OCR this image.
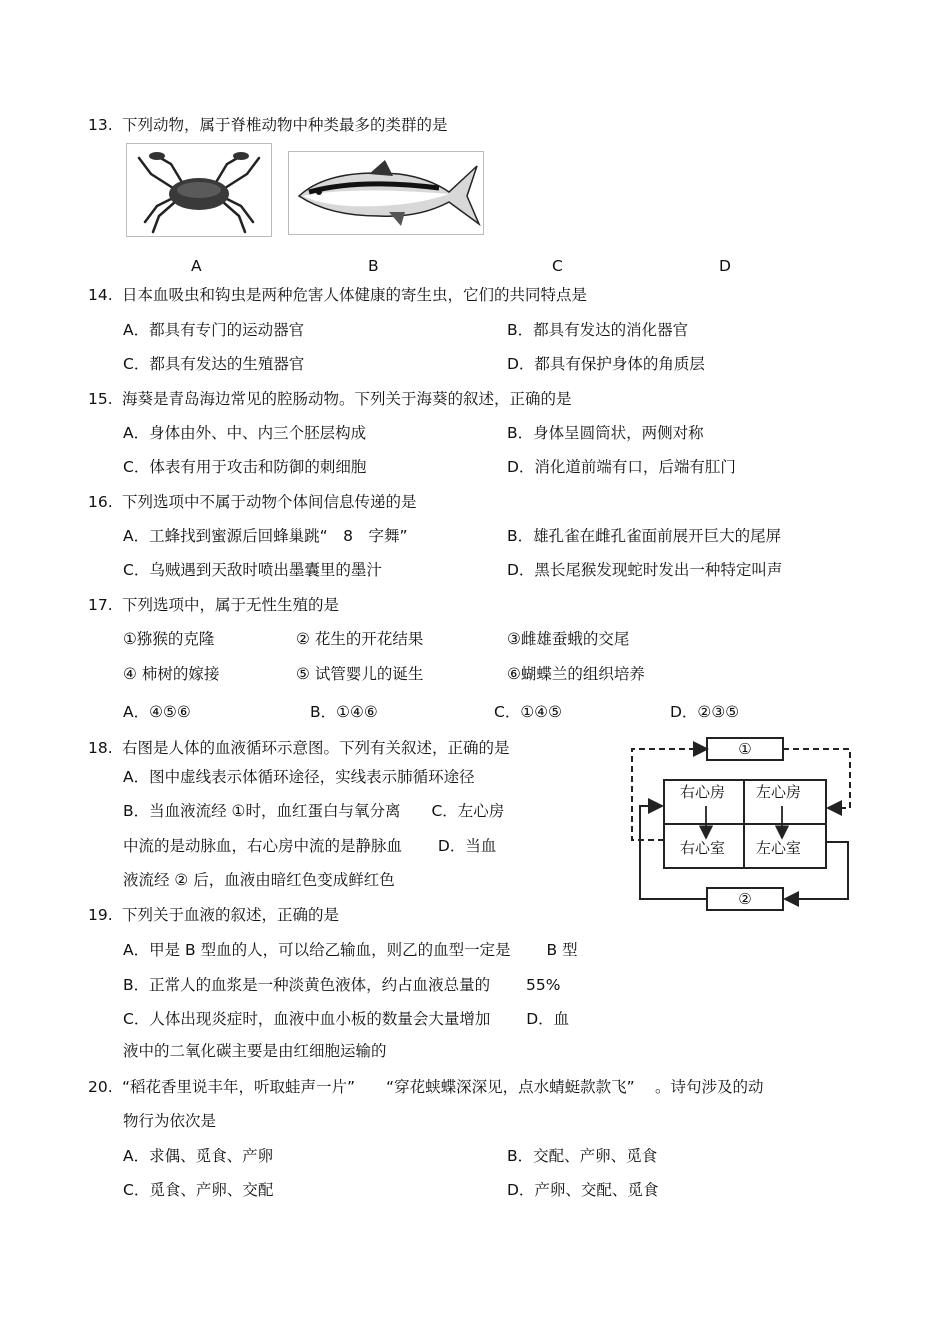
13. 下列动物，属于脊椎动物中种类最多的类群的是
A	B	C	D
14. 日本血吸虫和钩虫是两种危害人体健康的寄生虫，它们的共同特点是
A．都具有专门的运动器官	B．都具有发达的消化器官
C．都具有发达的生殖器官	D．都具有保护身体的角质层
15. 海葵是青岛海边常见的腔肠动物。下列关于海葵的叙述，正确的是
A．身体由外、中、内三个胚层构成	B．身体呈圆筒状，两侧对称
C．体表有用于攻击和防御的刺细胞	D．消化道前端有口，后端有肛门
16. 下列选项中不属于动物个体间信息传递的是
A．工蜂找到蜜源后回蜂巢跳“　8　字舞”	B．雄孔雀在雌孔雀面前展开巨大的尾屏
C．乌贼遇到天敌时喷出墨囊里的墨汁	D．黑长尾猴发现蛇时发出一种特定叫声
17. 下列选项中，属于无性生殖的是
①猕猴的克隆	② 花生的开花结果	③雌雄蚕蛾的交尾
④ 柿树的嫁接	⑤ 试管婴儿的诞生	⑥蝴蝶兰的组织培养
A．④⑤⑥	B．①④⑥	C．①④⑤	D．②③⑤
18. 右图是人体的血液循环示意图。下列有关叙述，正确的是
A．图中虚线表示体循环途径，实线表示肺循环途径
B．当血液流经 ①时，血红蛋白与氧分离　　C．左心房
中流的是动脉血，右心房中流的是静脉血　　 D．当血
液流经 ② 后，血液由暗红色变成鲜红色
右心房 左心房
右心室 左心室
①
②
19. 下列关于血液的叙述，正确的是
A．甲是 B 型血的人，可以给乙输血，则乙的血型一定是　　 B 型
B．正常人的血浆是一种淡黄色液体，约占血液总量的　　 55%
C．人体出现炎症时，血液中血小板的数量会大量增加　　 D．血
液中的二氧化碳主要是由红细胞运输的
20. “稻花香里说丰年，听取蛙声一片”　　“穿花蛱蝶深深见，点水蜻蜓款款飞”　 。诗句涉及的动
物行为依次是
A．求偶、觅食、产卵	B．交配、产卵、觅食
C．觅食、产卵、交配	D．产卵、交配、觅食
